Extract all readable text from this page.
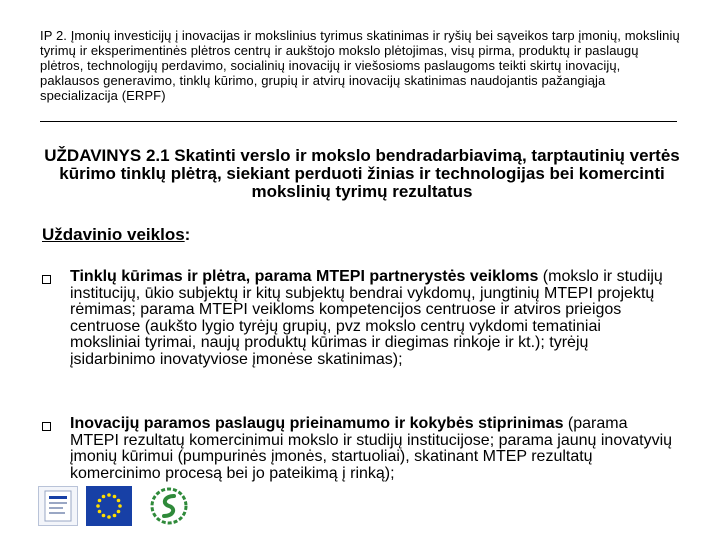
IP 2. Įmonių investicijų į inovacijas ir mokslinius tyrimus skatinimas ir ryšių bei sąveikos tarp įmonių, mokslinių tyrimų ir eksperimentinės plėtros centrų ir aukštojo mokslo plėtojimas, visų pirma, produktų ir paslaugų plėtros, technologijų perdavimo, socialinių inovacijų ir viešosioms paslaugoms teikti skirtų inovacijų, paklausos generavimo, tinklų kūrimo, grupių ir atvirų inovacijų skatinimas naudojantis pažangiąja specializacija (ERPF)
UŽDAVINYS 2.1 Skatinti verslo ir mokslo bendradarbiavimą, tarptautinių vertės kūrimo tinklų plėtrą, siekiant perduoti žinias ir technologijas bei komercinti mokslinių tyrimų rezultatus
Uždavinio veiklos:
Tinklų kūrimas ir plėtra, parama MTEPI partnerystės veikloms (mokslo ir studijų institucijų, ūkio subjektų ir kitų subjektų bendrai vykdomų, jungtinių MTEPI projektų rėmimas; parama MTEPI veikloms kompetencijos centruose ir atviros prieigos centruose (aukšto lygio tyrėjų grupių, pvz mokslo centrų vykdomi tematiniai moksliniai tyrimai, naujų produktų kūrimas ir diegimas rinkoje ir kt.); tyrėjų įsidarbinimo inovatyviose įmonėse skatinimas);
Inovacijų paramos paslaugų prieinamumo ir kokybės stiprinimas (parama MTEPI rezultatų komercinimui mokslo ir studijų institucijose; parama jaunų inovatyvių įmonių kūrimui (pumpurinės įmonės, startuoliai), skatinant MTEP rezultatų komercinimo procesą bei jo pateikimą į rinką);
